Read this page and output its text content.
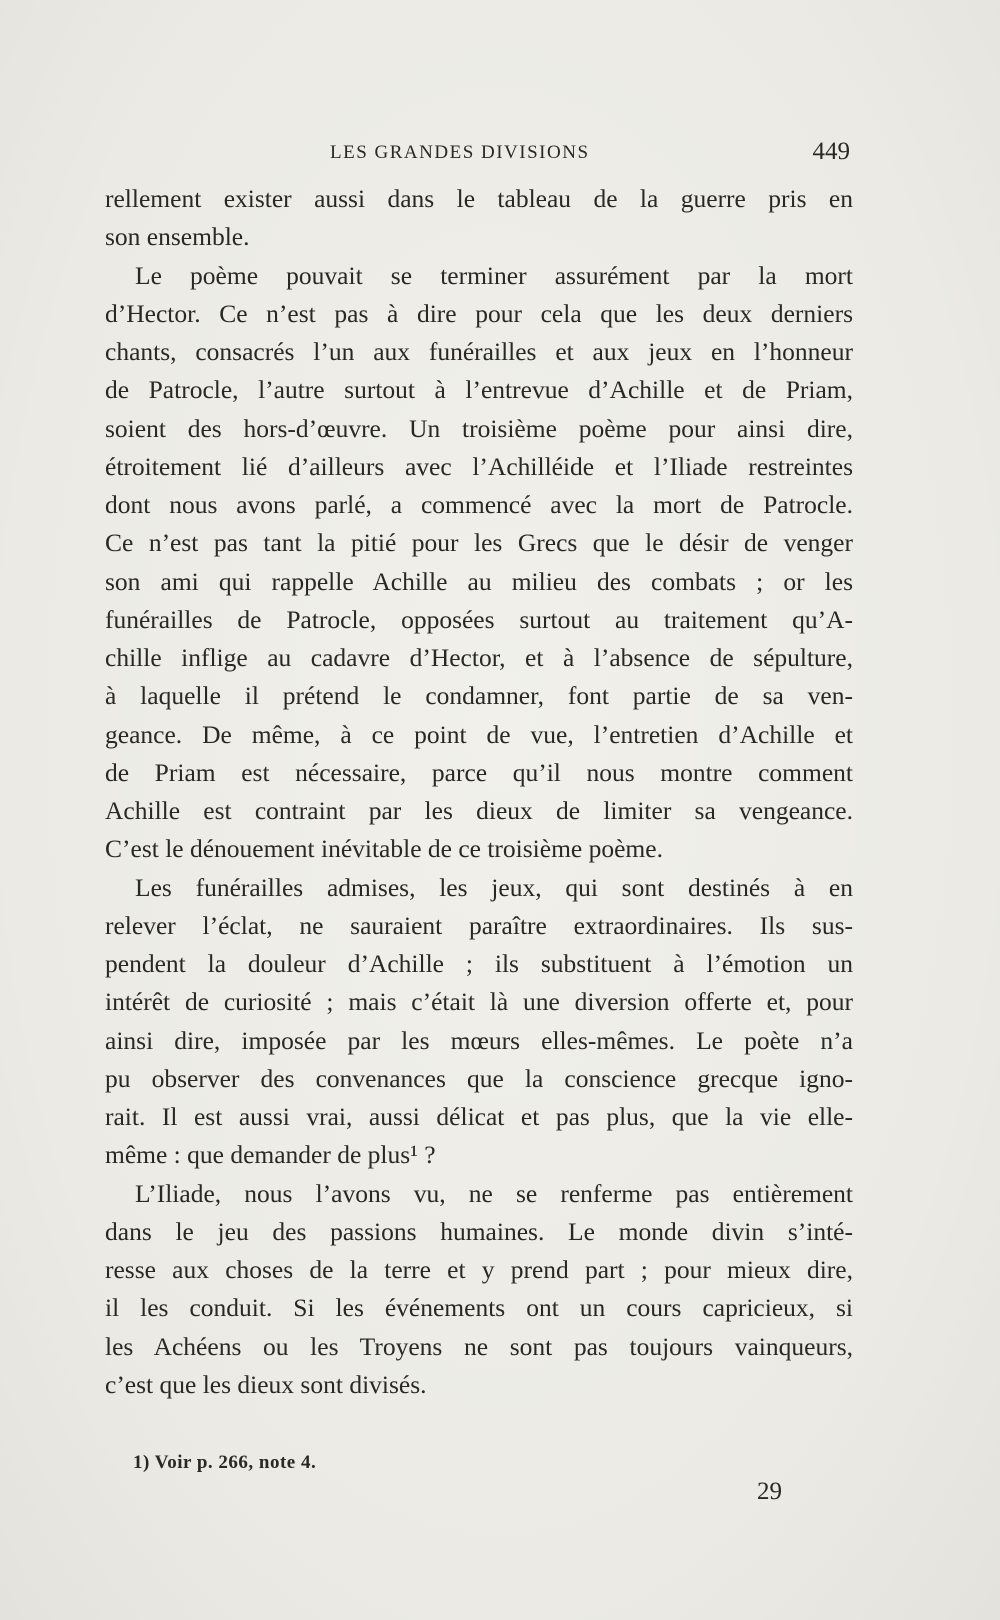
LES GRANDES DIVISIONS	449
rellement exister aussi dans le tableau de la guerre pris en
son ensemble.
Le poème pouvait se terminer assurément par la mort
d’Hector. Ce n’est pas à dire pour cela que les deux derniers
chants, consacrés l’un aux funérailles et aux jeux en l’honneur
de Patrocle, l’autre surtout à l’entrevue d’Achille et de Priam,
soient des hors-d’œuvre. Un troisième poème pour ainsi dire,
étroitement lié d’ailleurs avec l’Achilléide et l’Iliade restreintes
dont nous avons parlé, a commencé avec la mort de Patrocle.
Ce n’est pas tant la pitié pour les Grecs que le désir de venger
son ami qui rappelle Achille au milieu des combats ; or les
funérailles de Patrocle, opposées surtout au traitement qu’A-
chille inflige au cadavre d’Hector, et à l’absence de sépulture,
à laquelle il prétend le condamner, font partie de sa ven-
geance. De même, à ce point de vue, l’entretien d’Achille et
de Priam est nécessaire, parce qu’il nous montre comment
Achille est contraint par les dieux de limiter sa vengeance.
C’est le dénouement inévitable de ce troisième poème.
Les funérailles admises, les jeux, qui sont destinés à en
relever l’éclat, ne sauraient paraître extraordinaires. Ils sus-
pendent la douleur d’Achille ; ils substituent à l’émotion un
intérêt de curiosité ; mais c’était là une diversion offerte et, pour
ainsi dire, imposée par les mœurs elles-mêmes. Le poète n’a
pu observer des convenances que la conscience grecque igno-
rait. Il est aussi vrai, aussi délicat et pas plus, que la vie elle-
même : que demander de plus¹ ?
L’Iliade, nous l’avons vu, ne se renferme pas entièrement
dans le jeu des passions humaines. Le monde divin s’inté-
resse aux choses de la terre et y prend part ; pour mieux dire,
il les conduit. Si les événements ont un cours capricieux, si
les Achéens ou les Troyens ne sont pas toujours vainqueurs,
c’est que les dieux sont divisés.
1) Voir p. 266, note 4.
29
